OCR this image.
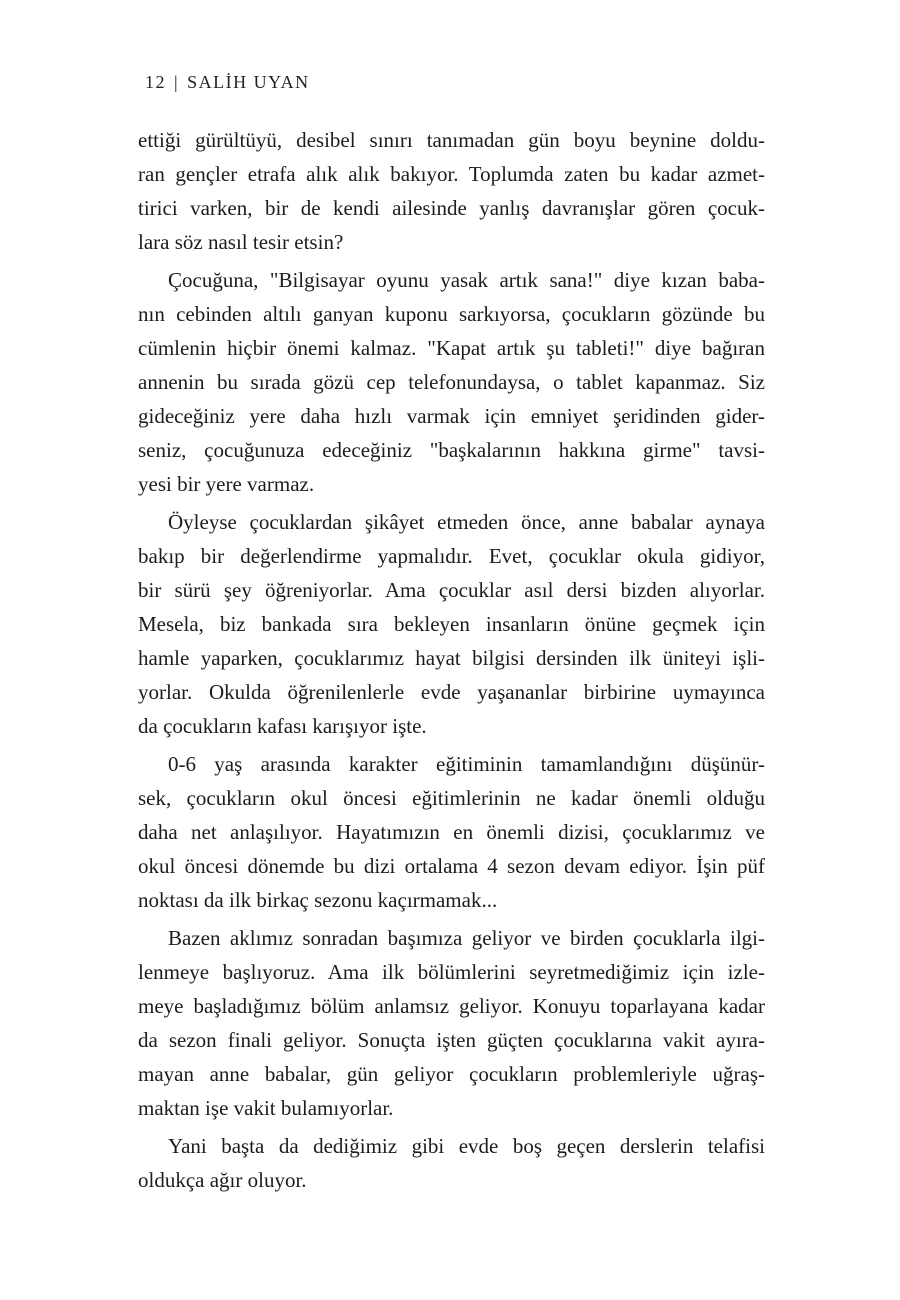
12 | SALİH UYAN
ettiği gürültüyü, desibel sınırı tanımadan gün boyu beynine doldu-
ran gençler etrafa alık alık bakıyor. Toplumda zaten bu kadar azmet-
tirici varken, bir de kendi ailesinde yanlış davranışlar gören çocuk-
lara söz nasıl tesir etsin?
Çocuğuna, "Bilgisayar oyunu yasak artık sana!" diye kızan baba-
nın cebinden altılı ganyan kuponu sarkıyorsa, çocukların gözünde bu
cümlenin hiçbir önemi kalmaz. "Kapat artık şu tableti!" diye bağıran
annenin bu sırada gözü cep telefonundaysa, o tablet kapanmaz. Siz
gideceğiniz yere daha hızlı varmak için emniyet şeridinden gider-
seniz, çocuğunuza edeceğiniz "başkalarının hakkına girme" tavsi-
yesi bir yere varmaz.
Öyleyse çocuklardan şikâyet etmeden önce, anne babalar aynaya
bakıp bir değerlendirme yapmalıdır. Evet, çocuklar okula gidiyor,
bir sürü şey öğreniyorlar. Ama çocuklar asıl dersi bizden alıyorlar.
Mesela, biz bankada sıra bekleyen insanların önüne geçmek için
hamle yaparken, çocuklarımız hayat bilgisi dersinden ilk üniteyi işli-
yorlar. Okulda öğrenilenlerle evde yaşananlar birbirine uymayınca
da çocukların kafası karışıyor işte.
0-6 yaş arasında karakter eğitiminin tamamlandığını düşünür-
sek, çocukların okul öncesi eğitimlerinin ne kadar önemli olduğu
daha net anlaşılıyor. Hayatımızın en önemli dizisi, çocuklarımız ve
okul öncesi dönemde bu dizi ortalama 4 sezon devam ediyor. İşin püf
noktası da ilk birkaç sezonu kaçırmamak...
Bazen aklımız sonradan başımıza geliyor ve birden çocuklarla ilgi-
lenmeye başlıyoruz. Ama ilk bölümlerini seyretmediğimiz için izle-
meye başladığımız bölüm anlamsız geliyor. Konuyu toparlayana kadar
da sezon finali geliyor. Sonuçta işten güçten çocuklarına vakit ayıra-
mayan anne babalar, gün geliyor çocukların problemleriyle uğraş-
maktan işe vakit bulamıyorlar.
Yani başta da dediğimiz gibi evde boş geçen derslerin telafisi
oldukça ağır oluyor.
